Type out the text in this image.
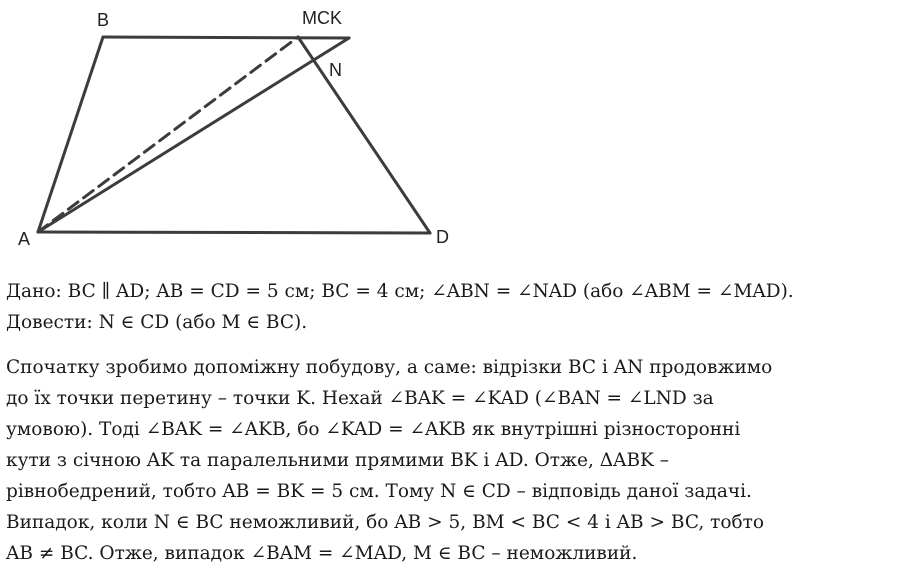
A
B	MCK
N
D
Дано: BC ∥ AD; AB = CD = 5 см; BC = 4 см; ∠ABN = ∠NAD (або ∠ABM = ∠MAD).
Довести: N ∈ CD (або M ∈ BC).
Спочатку зробимо допоміжну побудову, а саме: відрізки BC і AN продовжимо
до їх точки перетину – точки K. Нехай ∠BAK = ∠KAD (∠BAN = ∠LND за
умовою). Тоді ∠BAK = ∠AKB, бо ∠KAD = ∠AKB як внутрішні різносторонні
кути з січною AK та паралельними прямими BK і AD. Отже, ΔABK –
рівнобедрений, тобто AB = BK = 5 см. Тому N ∈ CD – відповідь даної задачі.
Випадок, коли N ∈ BC неможливий, бо AB > 5, BM < BC < 4 і AB > BC, тобто
AB ≠ BC. Отже, випадок ∠BAM = ∠MAD, M ∈ BC – неможливий.
